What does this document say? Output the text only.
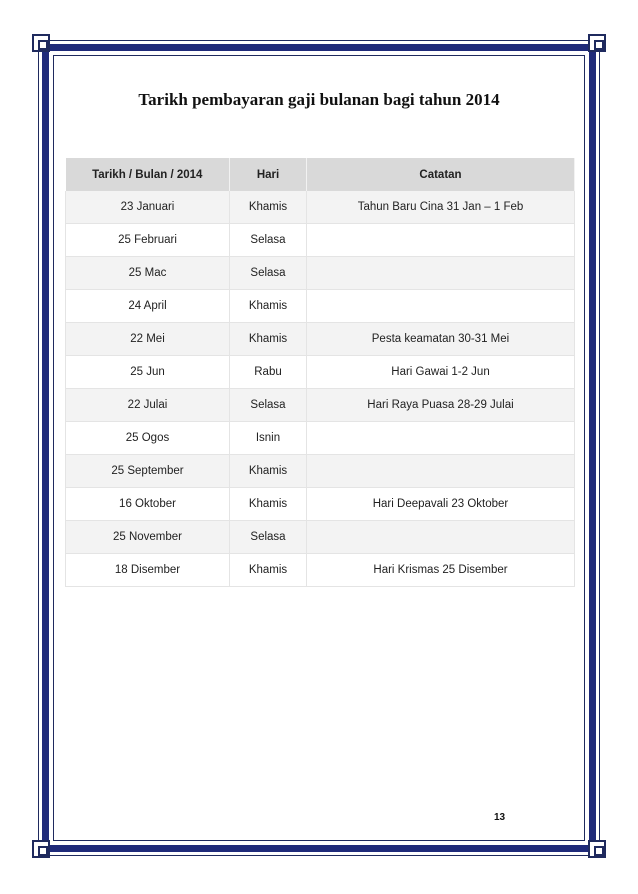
Tarikh pembayaran gaji bulanan bagi tahun 2014
Tarikh / Bulan / 2014	Hari	Catatan
23 Januari	Khamis	Tahun Baru Cina 31 Jan – 1 Feb
25 Februari	Selasa	
25 Mac	Selasa	
24 April	Khamis	
22 Mei	Khamis	Pesta keamatan 30-31 Mei
25 Jun	Rabu	Hari Gawai 1-2 Jun
22 Julai	Selasa	Hari Raya Puasa 28-29 Julai
25 Ogos	Isnin	
25 September	Khamis	
16 Oktober	Khamis	Hari Deepavali 23 Oktober
25 November	Selasa	
18 Disember	Khamis	Hari Krismas 25 Disember
13
